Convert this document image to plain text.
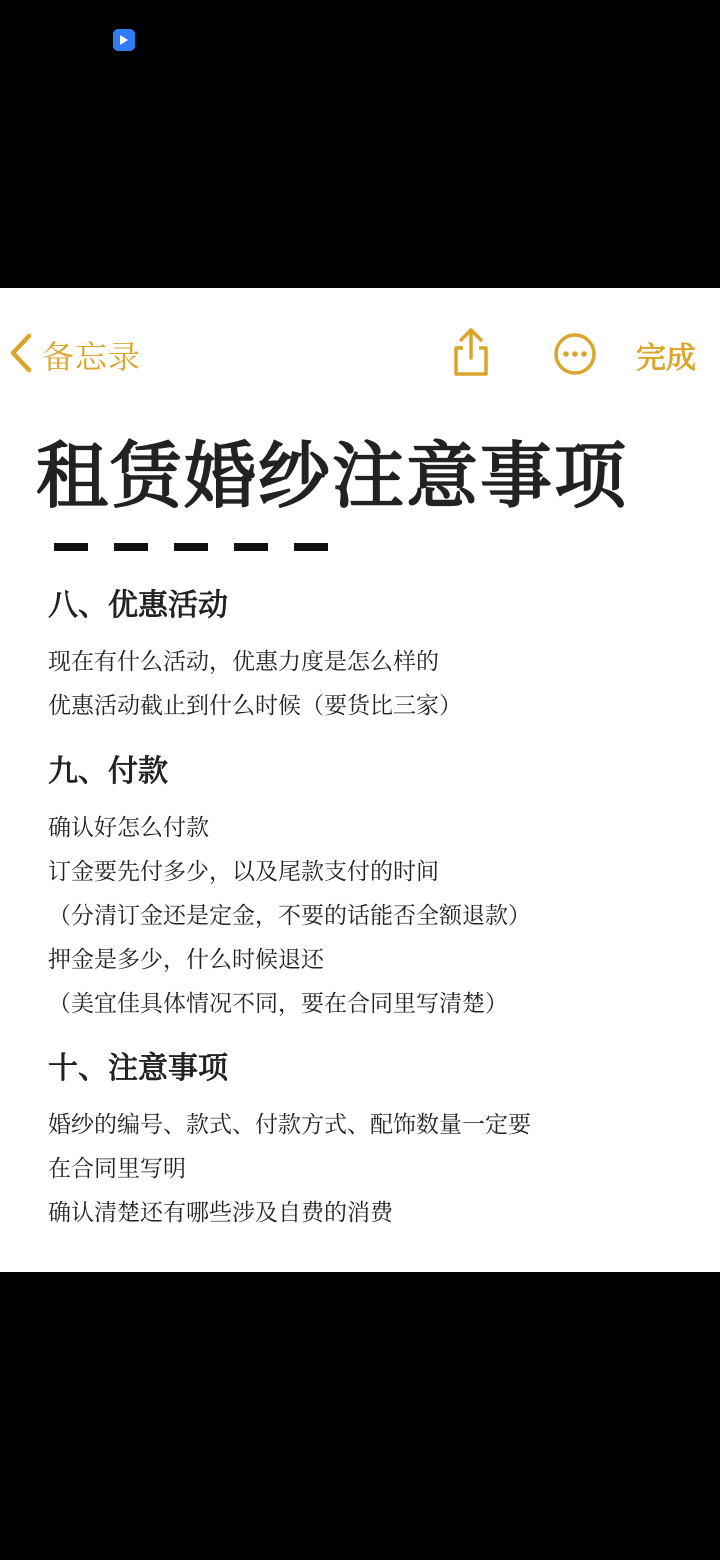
备忘录	完成
租赁婚纱注意事项
八、优惠活动
现在有什么活动，优惠力度是怎么样的
优惠活动截止到什么时候（要货比三家）
九、付款
确认好怎么付款
订金要先付多少，以及尾款支付的时间
（分清订金还是定金，不要的话能否全额退款）
押金是多少，什么时候退还
（美宜佳具体情况不同，要在合同里写清楚）
十、注意事项
婚纱的编号、款式、付款方式、配饰数量一定要
在合同里写明
确认清楚还有哪些涉及自费的消费
